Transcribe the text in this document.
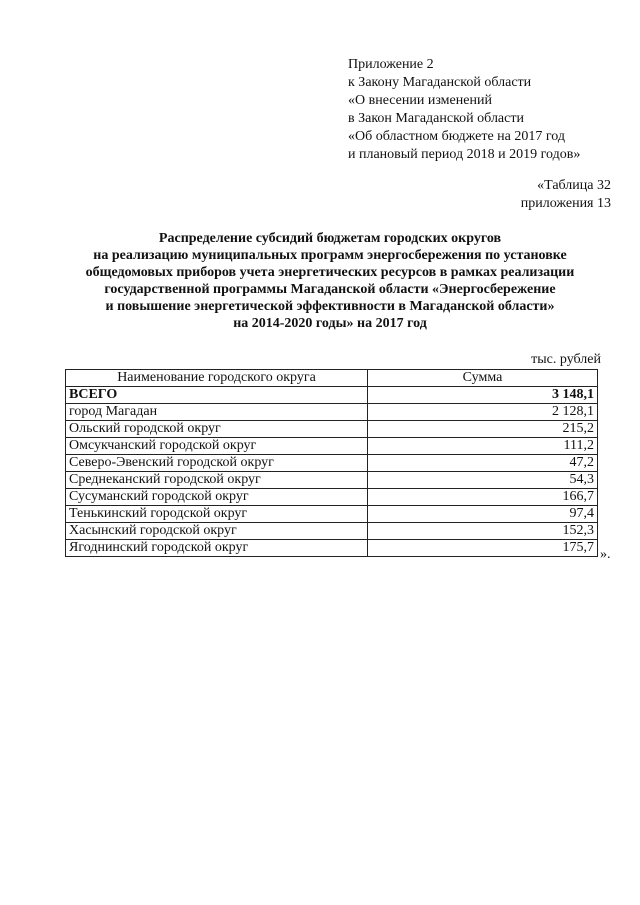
Приложение 2
к Закону Магаданской области
«О внесении изменений
в Закон Магаданской области
«Об областном бюджете на 2017 год
и плановый период 2018 и 2019 годов»
«Таблица 32
приложения 13
Распределение субсидий бюджетам городских округов
на реализацию муниципальных программ энергосбережения по установке
общедомовых приборов учета энергетических ресурсов в рамках реализации
государственной программы Магаданской области «Энергосбережение
и повышение энергетической эффективности в Магаданской области»
на 2014-2020 годы» на 2017 год
тыс. рублей
Наименование городского округа	Сумма
ВСЕГО	3 148,1
город Магадан	2 128,1
Ольский городской округ	215,2
Омсукчанский городской округ	111,2
Северо-Эвенский городской округ	47,2
Среднеканский городской округ	54,3
Сусуманский городской округ	166,7
Тенькинский городской округ	97,4
Хасынский городской округ	152,3
Ягоднинский городской округ	175,7 ».
